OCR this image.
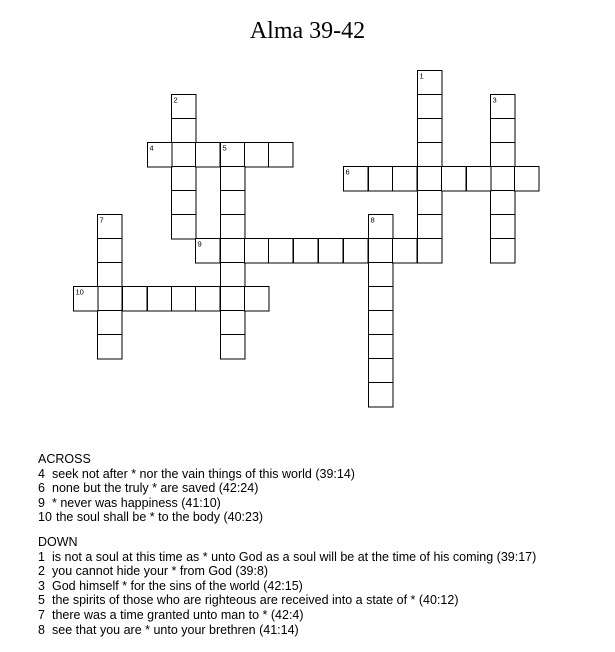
Alma 39-42
1
2	3
4	5
6
7	8
9
10
ACROSS
4 seek not after * nor the vain things of this world (39:14)
6 none but the truly * are saved (42:24)
9 * never was happiness (41:10)
10 the soul shall be * to the body (40:23)
DOWN
1 is not a soul at this time as * unto God as a soul will be at the time of his coming (39:17)
2 you cannot hide your * from God (39:8)
3 God himself * for the sins of the world (42:15)
5 the spirits of those who are righteous are received into a state of * (40:12)
7 there was a time granted unto man to * (42:4)
8 see that you are * unto your brethren (41:14)
